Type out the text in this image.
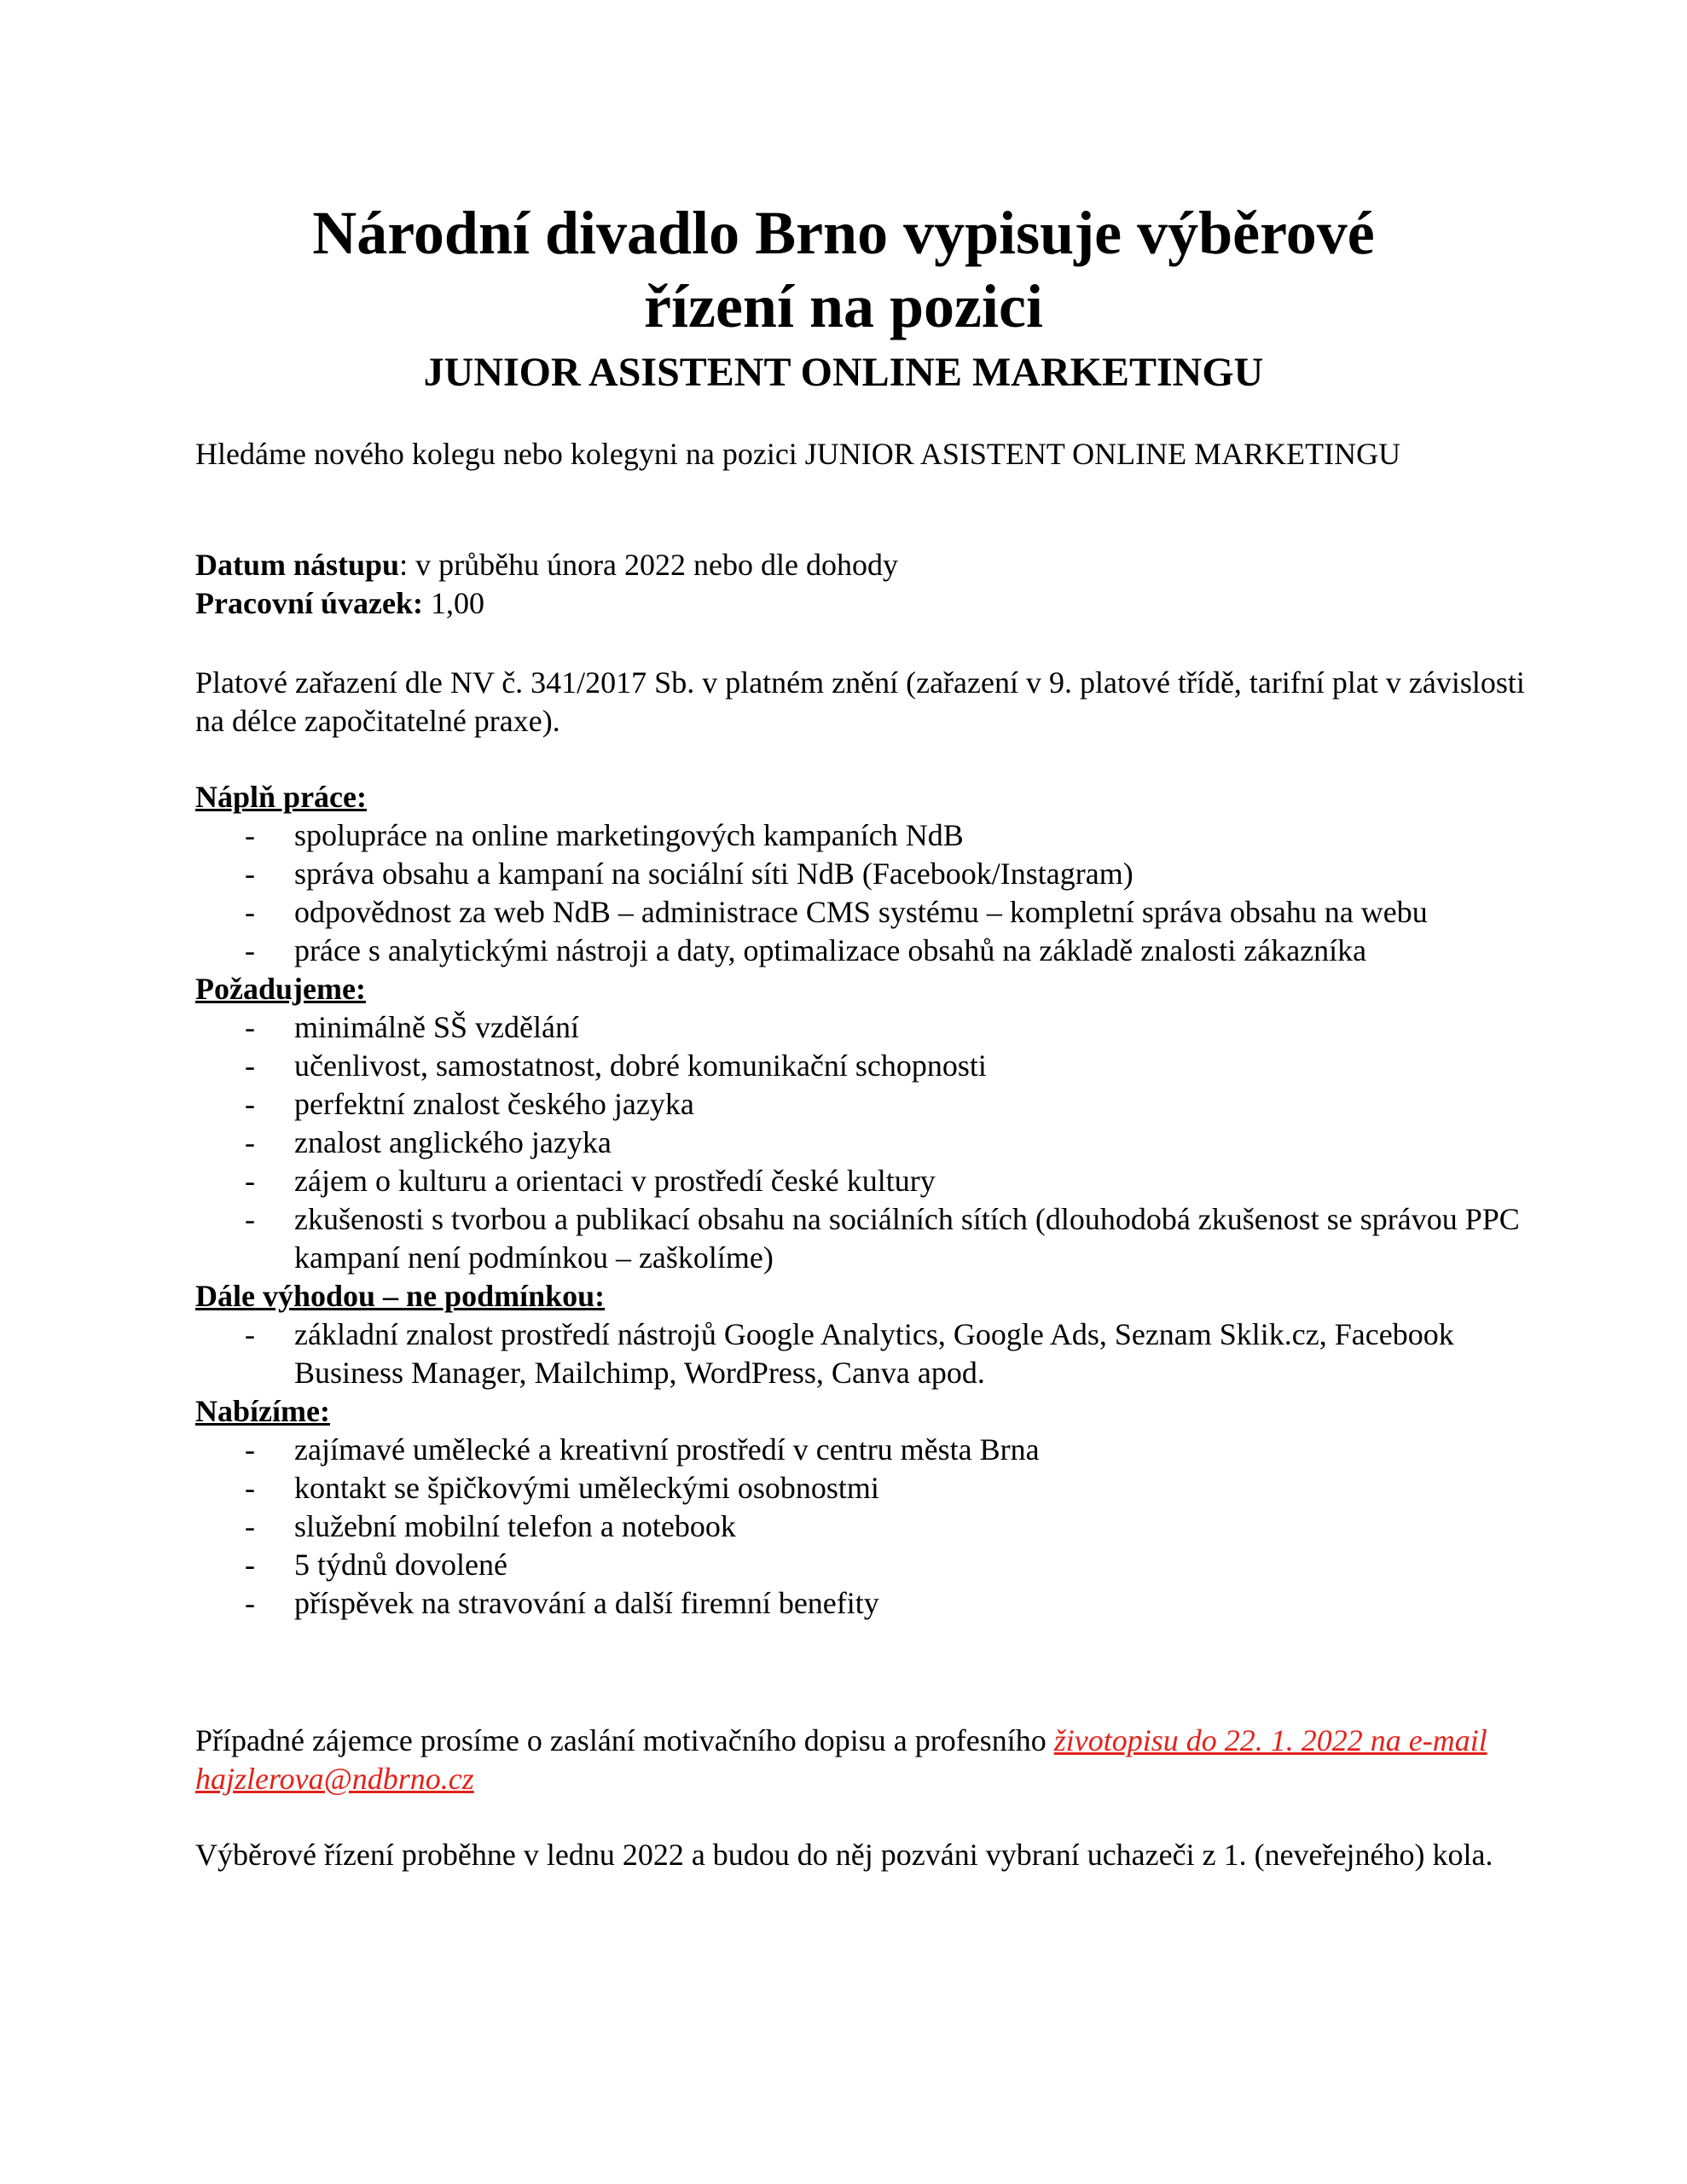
Národní divadlo Brno vypisuje výběrové
řízení na pozici
JUNIOR ASISTENT ONLINE MARKETINGU

Hledáme nového kolegu nebo kolegyni na pozici JUNIOR ASISTENT ONLINE MARKETINGU

Datum nástupu: v průběhu února 2022 nebo dle dohody

Pracovní úvazek: 1,00

Platové zařazení dle NV č. 341/2017 Sb. v platném znění (zařazení v 9. platové třídě, tarifní plat v závislosti na délce započitatelné praxe).

Náplň práce:

- spolupráce na online marketingových kampaních NdB
- správa obsahu a kampaní na sociální síti NdB (Facebook/Instagram)
- odpovědnost za web NdB – administrace CMS systému – kompletní správa obsahu na webu
- práce s analytickými nástroji a daty, optimalizace obsahů na základě znalosti zákazníka

Požadujeme:

- minimálně SŠ vzdělání
- učenlivost, samostatnost, dobré komunikační schopnosti
- perfektní znalost českého jazyka
- znalost anglického jazyka
- zájem o kulturu a orientaci v prostředí české kultury
- zkušenosti s tvorbou a publikací obsahu na sociálních sítích (dlouhodobá zkušenost se správou PPC kampaní není podmínkou – zaškolíme)

Dále výhodou – ne podmínkou:

- základní znalost prostředí nástrojů Google Analytics, Google Ads, Seznam Sklik.cz, Facebook Business Manager, Mailchimp, WordPress, Canva apod.

Nabízíme:

- zajímavé umělecké a kreativní prostředí v centru města Brna
- kontakt se špičkovými uměleckými osobnostmi
- služební mobilní telefon a notebook
- 5 týdnů dovolené
- příspěvek na stravování a další firemní benefity

Případné zájemce prosíme o zaslání motivačního dopisu a profesního životopisu do 22. 1. 2022 na e-mail hajzlerova@ndbrno.cz

Výběrové řízení proběhne v lednu 2022 a budou do něj pozváni vybraní uchazeči z 1. (neveřejného) kola.
